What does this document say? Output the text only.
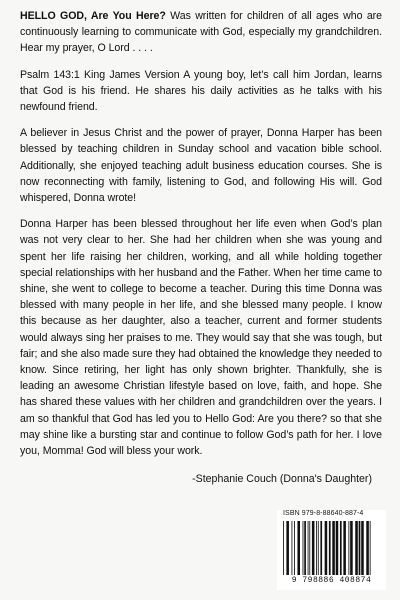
HELLO GOD, Are You Here? Was written for children of all ages who are continuously learning to communicate with God, especially my grandchildren. Hear my prayer, O Lord . . . .

Psalm 143:1 King James Version A young boy, let’s call him Jordan, learns that God is his friend. He shares his daily activities as he talks with his newfound friend.

A believer in Jesus Christ and the power of prayer, Donna Harper has been blessed by teaching children in Sunday school and vacation bible school. Additionally, she enjoyed teaching adult business education courses. She is now reconnecting with family, listening to God, and following His will. God whispered, Donna wrote!

Donna Harper has been blessed throughout her life even when God’s plan was not very clear to her. She had her children when she was young and spent her life raising her children, working, and all while holding together special relationships with her husband and the Father. When her time came to shine, she went to college to become a teacher. During this time Donna was blessed with many people in her life, and she blessed many people. I know this because as her daughter, also a teacher, current and former students would always sing her praises to me. They would say that she was tough, but fair; and she also made sure they had obtained the knowledge they needed to know. Since retiring, her light has only shown brighter. Thankfully, she is leading an awesome Christian lifestyle based on love, faith, and hope. She has shared these values with her children and grandchildren over the years. I am so thankful that God has led you to Hello God: Are you there? so that she may shine like a bursting star and continue to follow God’s path for her. I love you, Momma! God will bless your work.

-Stephanie Couch (Donna's Daughter)
ISBN 979-8-88640-887-4
9 798886 408874
